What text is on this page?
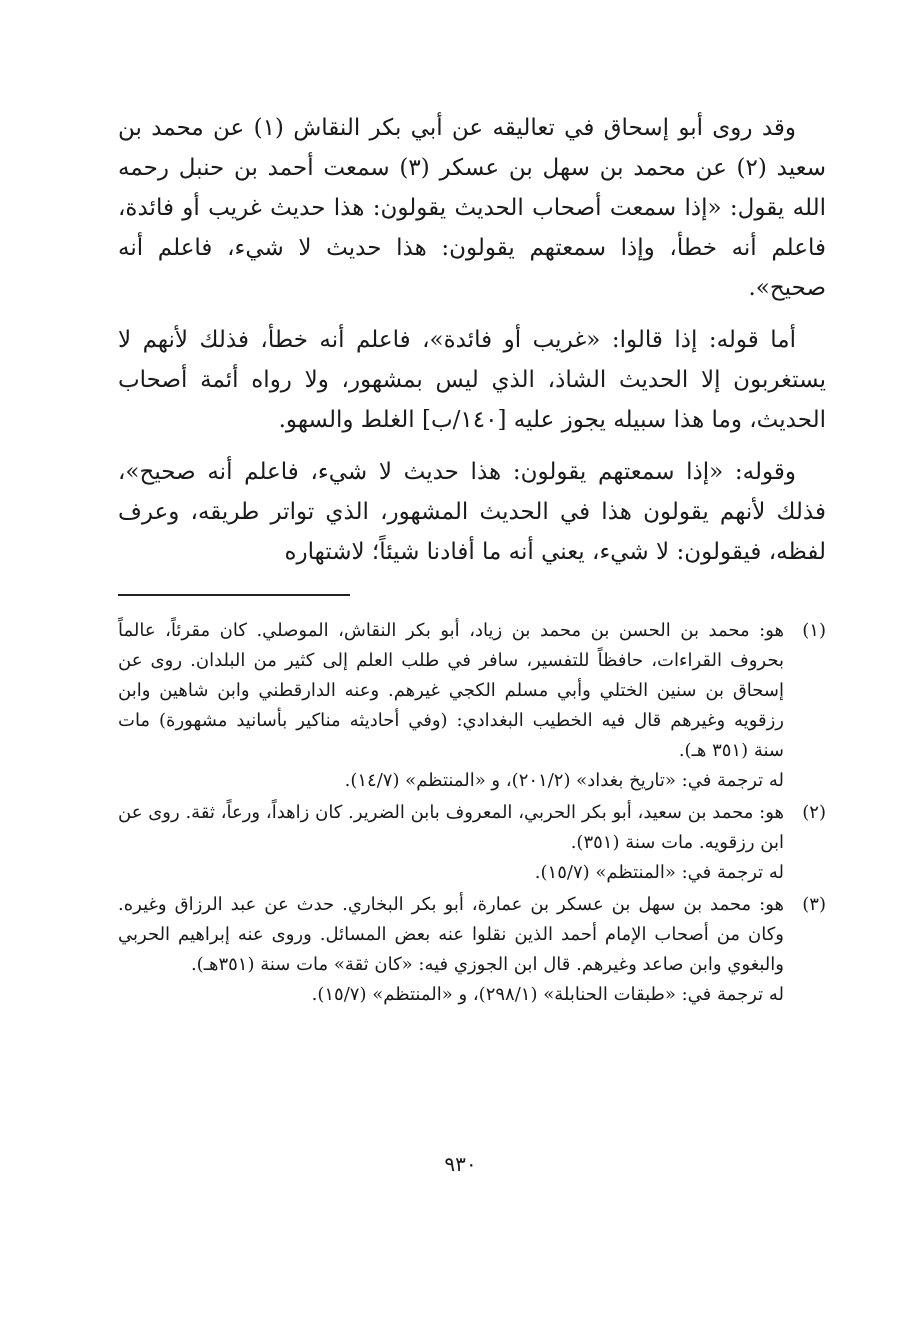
وقد روى أبو إسحاق في تعاليقه عن أبي بكر النقاش (١) عن محمد بن سعيد (٢) عن محمد بن سهل بن عسكر (٣) سمعت أحمد بن حنبل رحمه الله يقول: «إذا سمعت أصحاب الحديث يقولون: هذا حديث غريب أو فائدة، فاعلم أنه خطأ، وإذا سمعتهم يقولون: هذا حديث لا شيء، فاعلم أنه صحيح».

أما قوله: إذا قالوا: «غريب أو فائدة»، فاعلم أنه خطأ، فذلك لأنهم لا يستغربون إلا الحديث الشاذ، الذي ليس بمشهور، ولا رواه أئمة أصحاب الحديث، وما هذا سبيله يجوز عليه [١٤٠/ب] الغلط والسهو.

وقوله: «إذا سمعتهم يقولون: هذا حديث لا شيء، فاعلم أنه صحيح»، فذلك لأنهم يقولون هذا في الحديث المشهور، الذي تواتر طريقه، وعرف لفظه، فيقولون: لا شيء، يعني أنه ما أفادنا شيئاً؛ لاشتهاره

(١)
هو: محمد بن الحسن بن محمد بن زياد، أبو بكر النقاش، الموصلي. كان مقرئاً، عالماً بحروف القراءات، حافظاً للتفسير، سافر في طلب العلم إلى كثير من البلدان. روى عن إسحاق بن سنين الختلي وأبي مسلم الكجي غيرهم. وعنه الدارقطني وابن شاهين وابن رزقويه وغيرهم قال فيه الخطيب البغدادي: (وفي أحاديثه مناكير بأسانيد مشهورة) مات سنة (٣٥١ هـ).
له ترجمة في: «تاريخ بغداد» (٢٠١/٢)، و «المنتظم» (١٤/٧).
(٢)
هو: محمد بن سعيد، أبو بكر الحربي، المعروف بابن الضرير. كان زاهداً، ورعاً، ثقة. روى عن ابن رزقويه. مات سنة (٣٥١).
له ترجمة في: «المنتظم» (١٥/٧).
(٣)
هو: محمد بن سهل بن عسكر بن عمارة، أبو بكر البخاري. حدث عن عبد الرزاق وغيره. وكان من أصحاب الإمام أحمد الذين نقلوا عنه بعض المسائل. وروى عنه إبراهيم الحربي والبغوي وابن صاعد وغيرهم. قال ابن الجوزي فيه: «كان ثقة» مات سنة (٣٥١هـ).
له ترجمة في: «طبقات الحنابلة» (٢٩٨/١)، و «المنتظم» (١٥/٧).
٩٣٠
